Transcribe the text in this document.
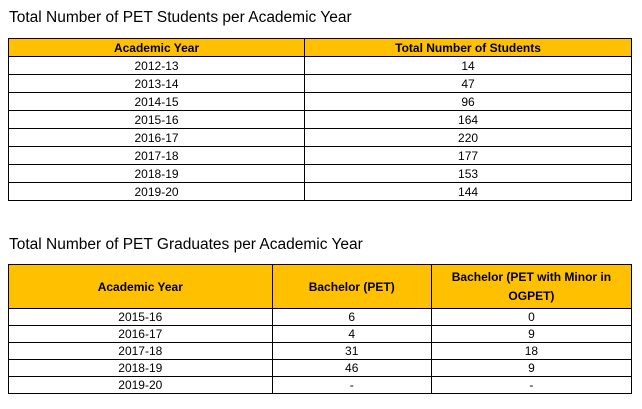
Total Number of PET Students per Academic Year
Academic Year	Total Number of Students
2012-13	14
2013-14	47
2014-15	96
2015-16	164
2016-17	220
2017-18	177
2018-19	153
2019-20	144
Total Number of PET Graduates per Academic Year
Academic Year	Bachelor (PET)	Bachelor (PET with Minor in OGPET)

2015-16	6	0
2016-17	4	9
2017-18	31	18
2018-19	46	9
2019-20	-	-
